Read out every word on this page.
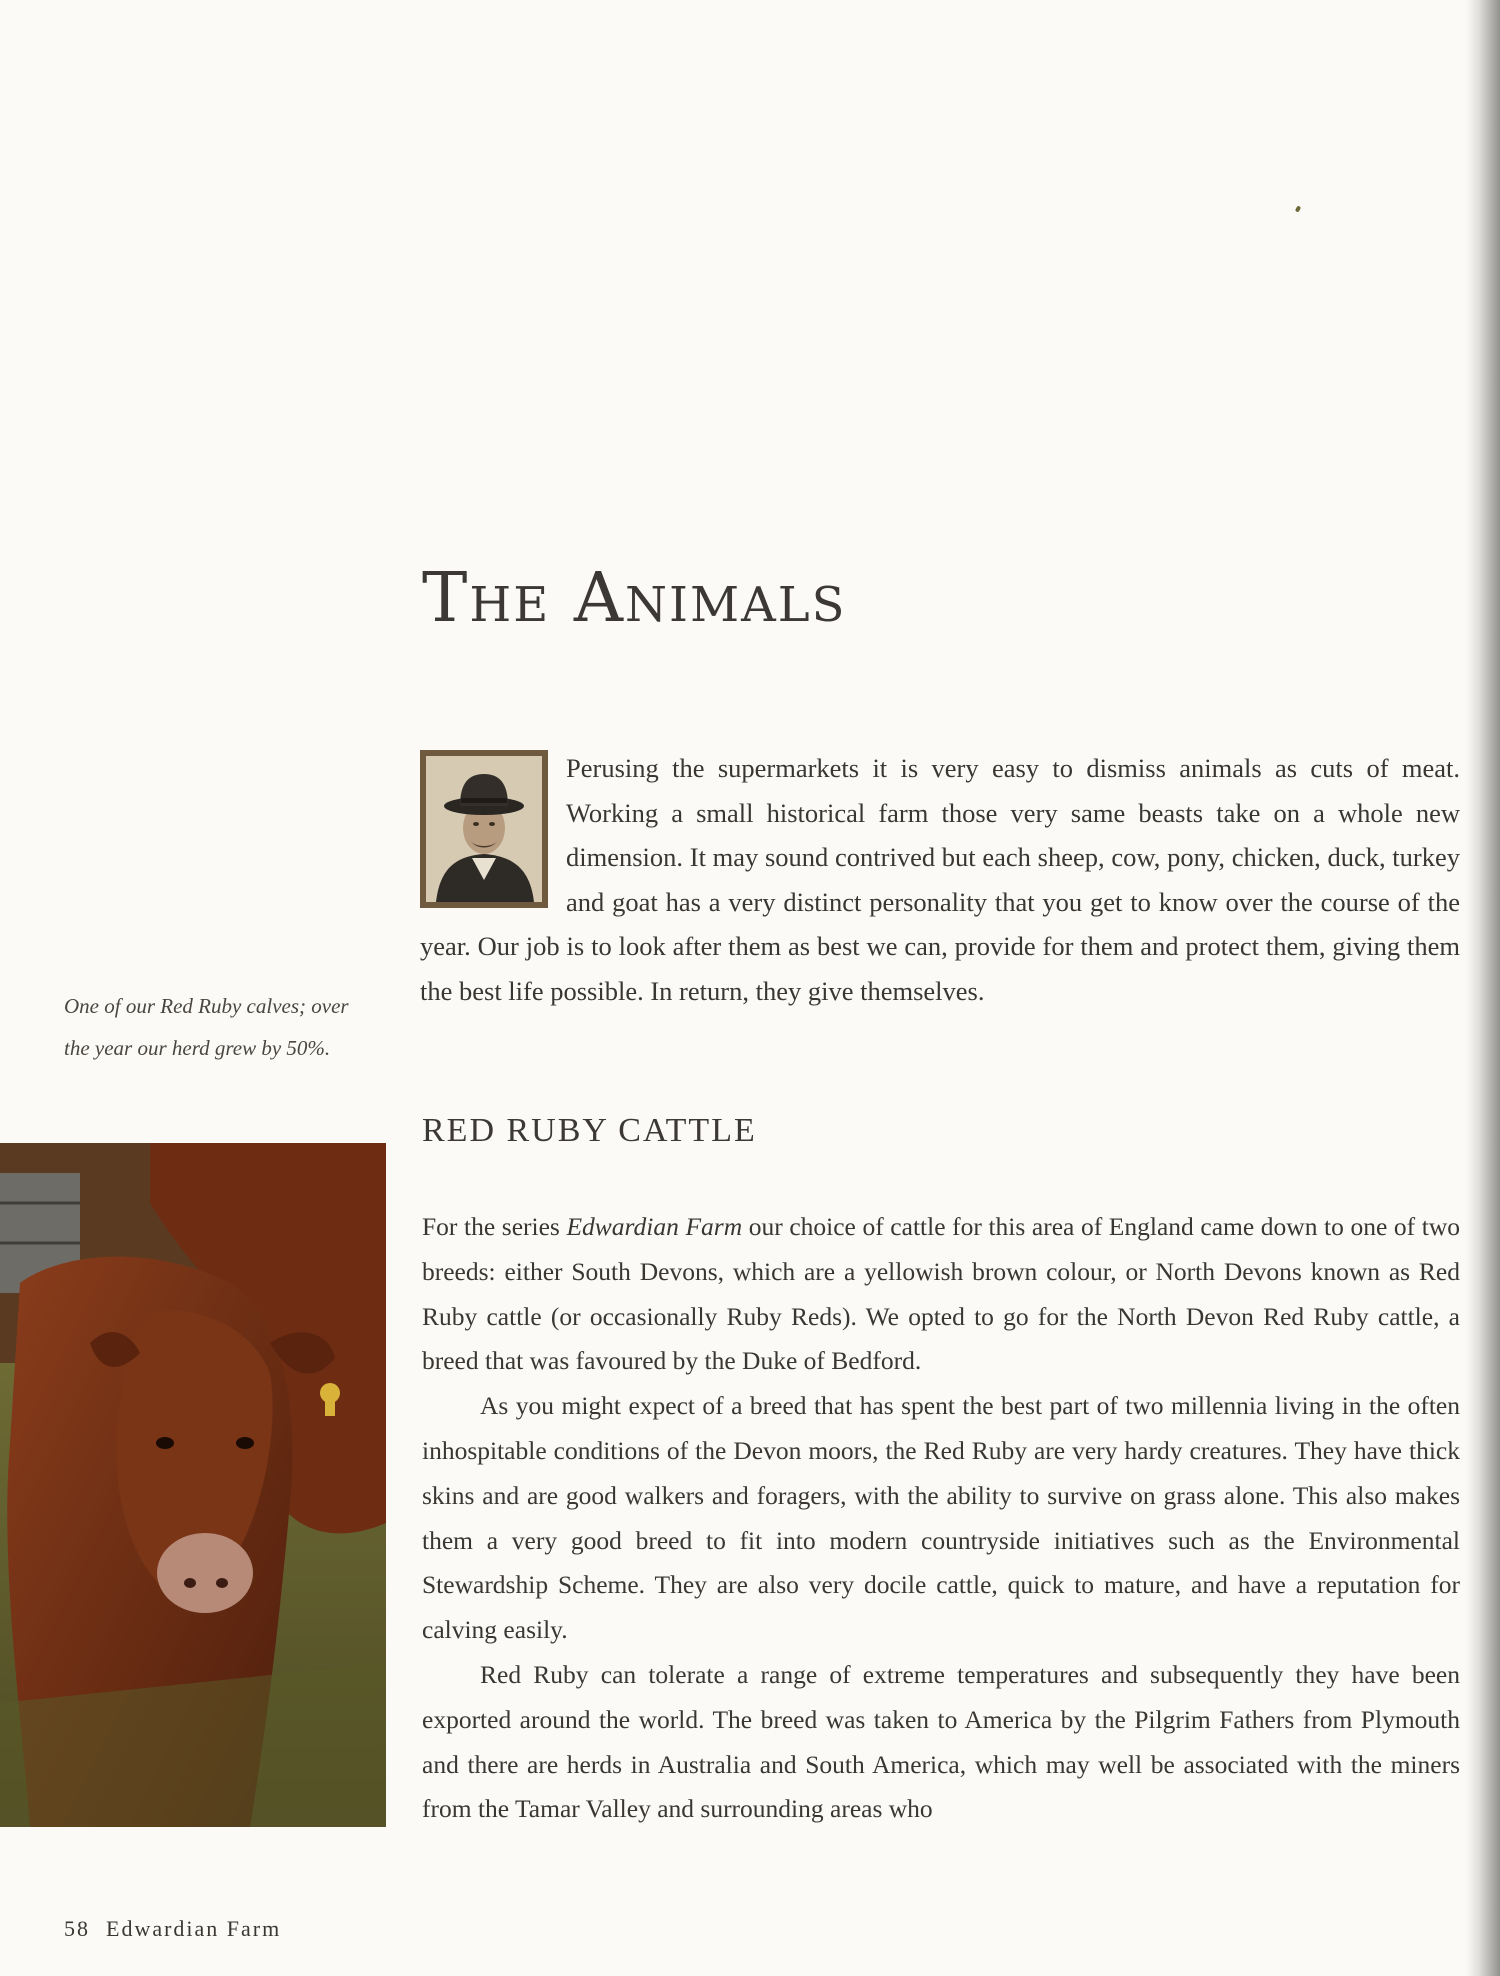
The Animals

Perusing the supermarkets it is very easy to dismiss animals as cuts of meat. Working a small historical farm those very same beasts take on a whole new dimension. It may sound contrived but each sheep, cow, pony, chicken, duck, turkey and goat has a very distinct personality that you get to know over the course of the year. Our job is to look after them as best we can, provide for them and protect them, giving them the best life possible. In return, they give themselves.

One of our Red Ruby calves; over the year our herd grew by 50%.

RED RUBY CATTLE

For the series Edwardian Farm our choice of cattle for this area of England came down to one of two breeds: either South Devons, which are a yellowish brown colour, or North Devons known as Red Ruby cattle (or occasionally Ruby Reds). We opted to go for the North Devon Red Ruby cattle, a breed that was favoured by the Duke of Bedford.

As you might expect of a breed that has spent the best part of two millennia living in the often inhospitable conditions of the Devon moors, the Red Ruby are very hardy creatures. They have thick skins and are good walkers and foragers, with the ability to survive on grass alone. This also makes them a very good breed to fit into modern countryside initiatives such as the Environmental Stewardship Scheme. They are also very docile cattle, quick to mature, and have a reputation for calving easily.

Red Ruby can tolerate a range of extreme temperatures and subsequently they have been exported around the world. The breed was taken to America by the Pilgrim Fathers from Plymouth and there are herds in Australia and South America, which may well be associated with the miners from the Tamar Valley and surrounding areas who

58 Edwardian Farm
